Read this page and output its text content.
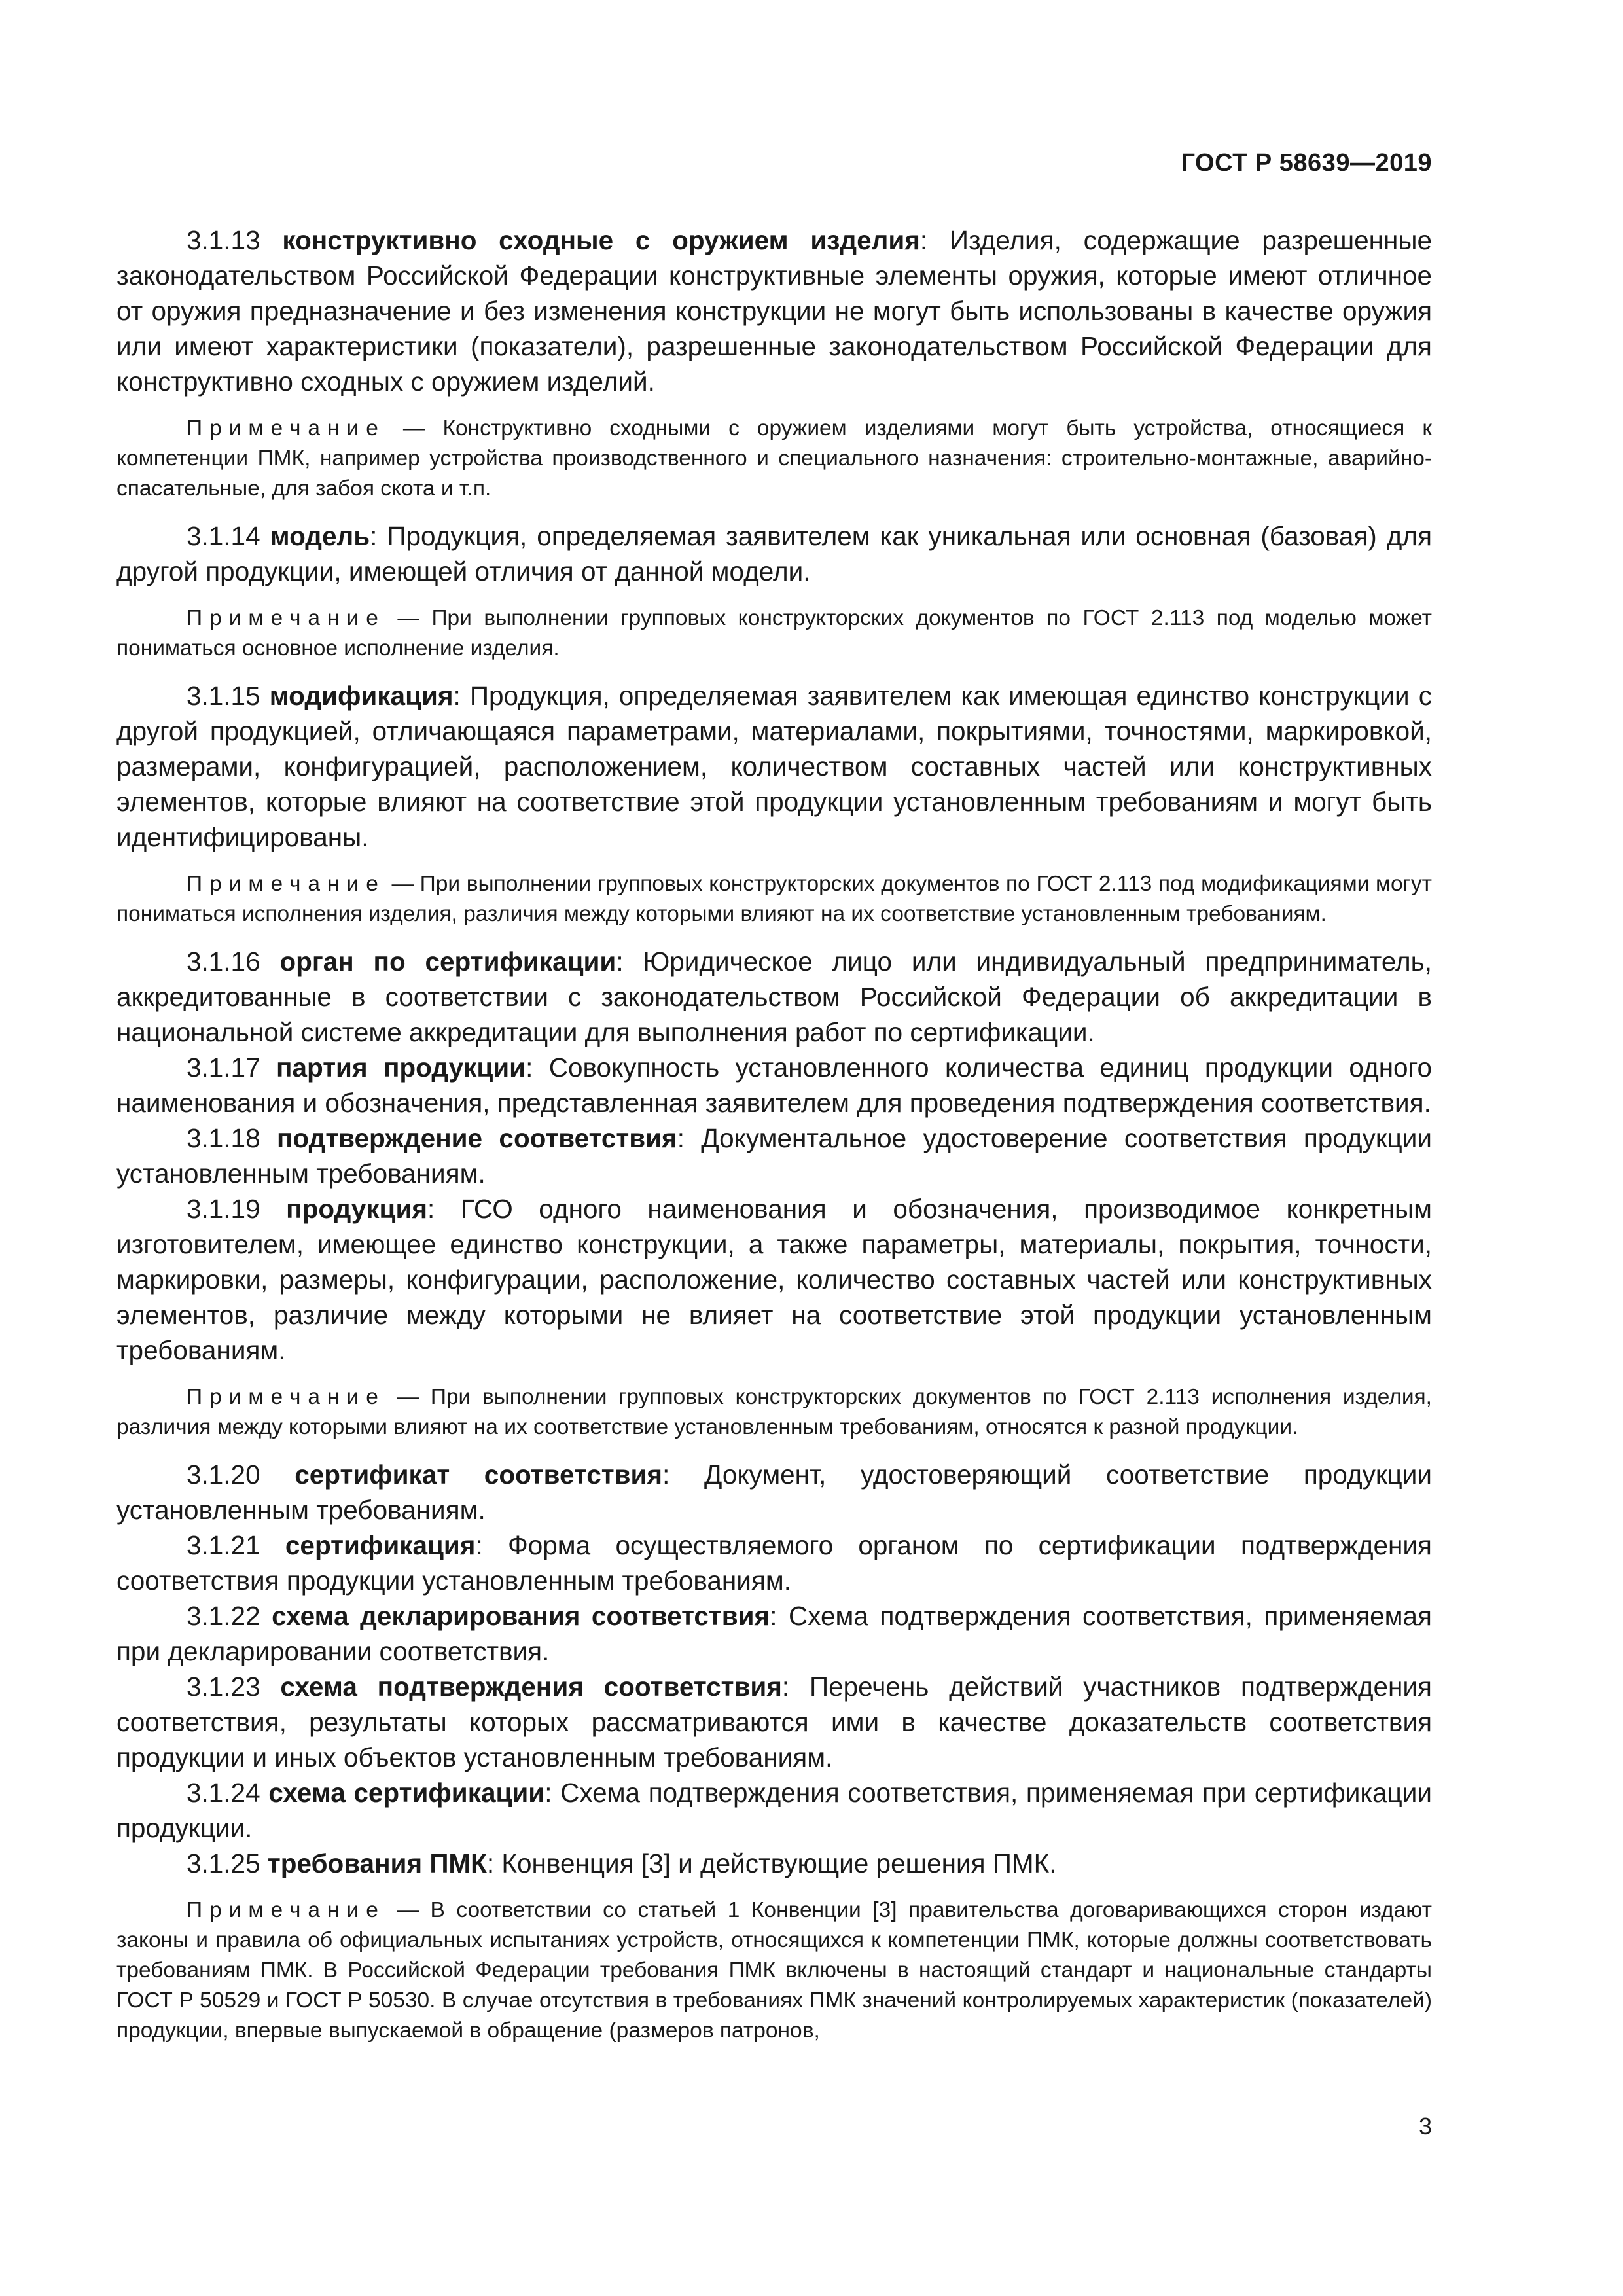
ГОСТ Р 58639—2019

3.1.13 конструктивно сходные с оружием изделия: Изделия, содержащие разрешенные законодательством Российской Федерации конструктивные элементы оружия, которые имеют отличное от оружия предназначение и без изменения конструкции не могут быть использованы в качестве оружия или имеют характеристики (показатели), разрешенные законодательством Российской Федерации для конструктивно сходных с оружием изделий.

Примечание — Конструктивно сходными с оружием изделиями могут быть устройства, относящиеся к компетенции ПМК, например устройства производственного и специального назначения: строительно-монтажные, аварийно-спасательные, для забоя скота и т.п.

3.1.14 модель: Продукция, определяемая заявителем как уникальная или основная (базовая) для другой продукции, имеющей отличия от данной модели.

Примечание — При выполнении групповых конструкторских документов по ГОСТ 2.113 под моделью может пониматься основное исполнение изделия.

3.1.15 модификация: Продукция, определяемая заявителем как имеющая единство конструкции с другой продукцией, отличающаяся параметрами, материалами, покрытиями, точностями, маркировкой, размерами, конфигурацией, расположением, количеством составных частей или конструктивных элементов, которые влияют на соответствие этой продукции установленным требованиям и могут быть идентифицированы.

Примечание — При выполнении групповых конструкторских документов по ГОСТ 2.113 под модификациями могут пониматься исполнения изделия, различия между которыми влияют на их соответствие установленным требованиям.

3.1.16 орган по сертификации: Юридическое лицо или индивидуальный предприниматель, аккредитованные в соответствии с законодательством Российской Федерации об аккредитации в национальной системе аккредитации для выполнения работ по сертификации.

3.1.17 партия продукции: Совокупность установленного количества единиц продукции одного наименования и обозначения, представленная заявителем для проведения подтверждения соответствия.

3.1.18 подтверждение соответствия: Документальное удостоверение соответствия продукции установленным требованиям.

3.1.19 продукция: ГСО одного наименования и обозначения, производимое конкретным изготовителем, имеющее единство конструкции, а также параметры, материалы, покрытия, точности, маркировки, размеры, конфигурации, расположение, количество составных частей или конструктивных элементов, различие между которыми не влияет на соответствие этой продукции установленным требованиям.

Примечание — При выполнении групповых конструкторских документов по ГОСТ 2.113 исполнения изделия, различия между которыми влияют на их соответствие установленным требованиям, относятся к разной продукции.

3.1.20 сертификат соответствия: Документ, удостоверяющий соответствие продукции установленным требованиям.

3.1.21 сертификация: Форма осуществляемого органом по сертификации подтверждения соответствия продукции установленным требованиям.

3.1.22 схема декларирования соответствия: Схема подтверждения соответствия, применяемая при декларировании соответствия.

3.1.23 схема подтверждения соответствия: Перечень действий участников подтверждения соответствия, результаты которых рассматриваются ими в качестве доказательств соответствия продукции и иных объектов установленным требованиям.

3.1.24 схема сертификации: Схема подтверждения соответствия, применяемая при сертификации продукции.

3.1.25 требования ПМК: Конвенция [3] и действующие решения ПМК.

Примечание — В соответствии со статьей 1 Конвенции [3] правительства договаривающихся сторон издают законы и правила об официальных испытаниях устройств, относящихся к компетенции ПМК, которые должны соответствовать требованиям ПМК. В Российской Федерации требования ПМК включены в настоящий стандарт и национальные стандарты ГОСТ Р 50529 и ГОСТ Р 50530. В случае отсутствия в требованиях ПМК значений контролируемых характеристик (показателей) продукции, впервые выпускаемой в обращение (размеров патронов,

3
